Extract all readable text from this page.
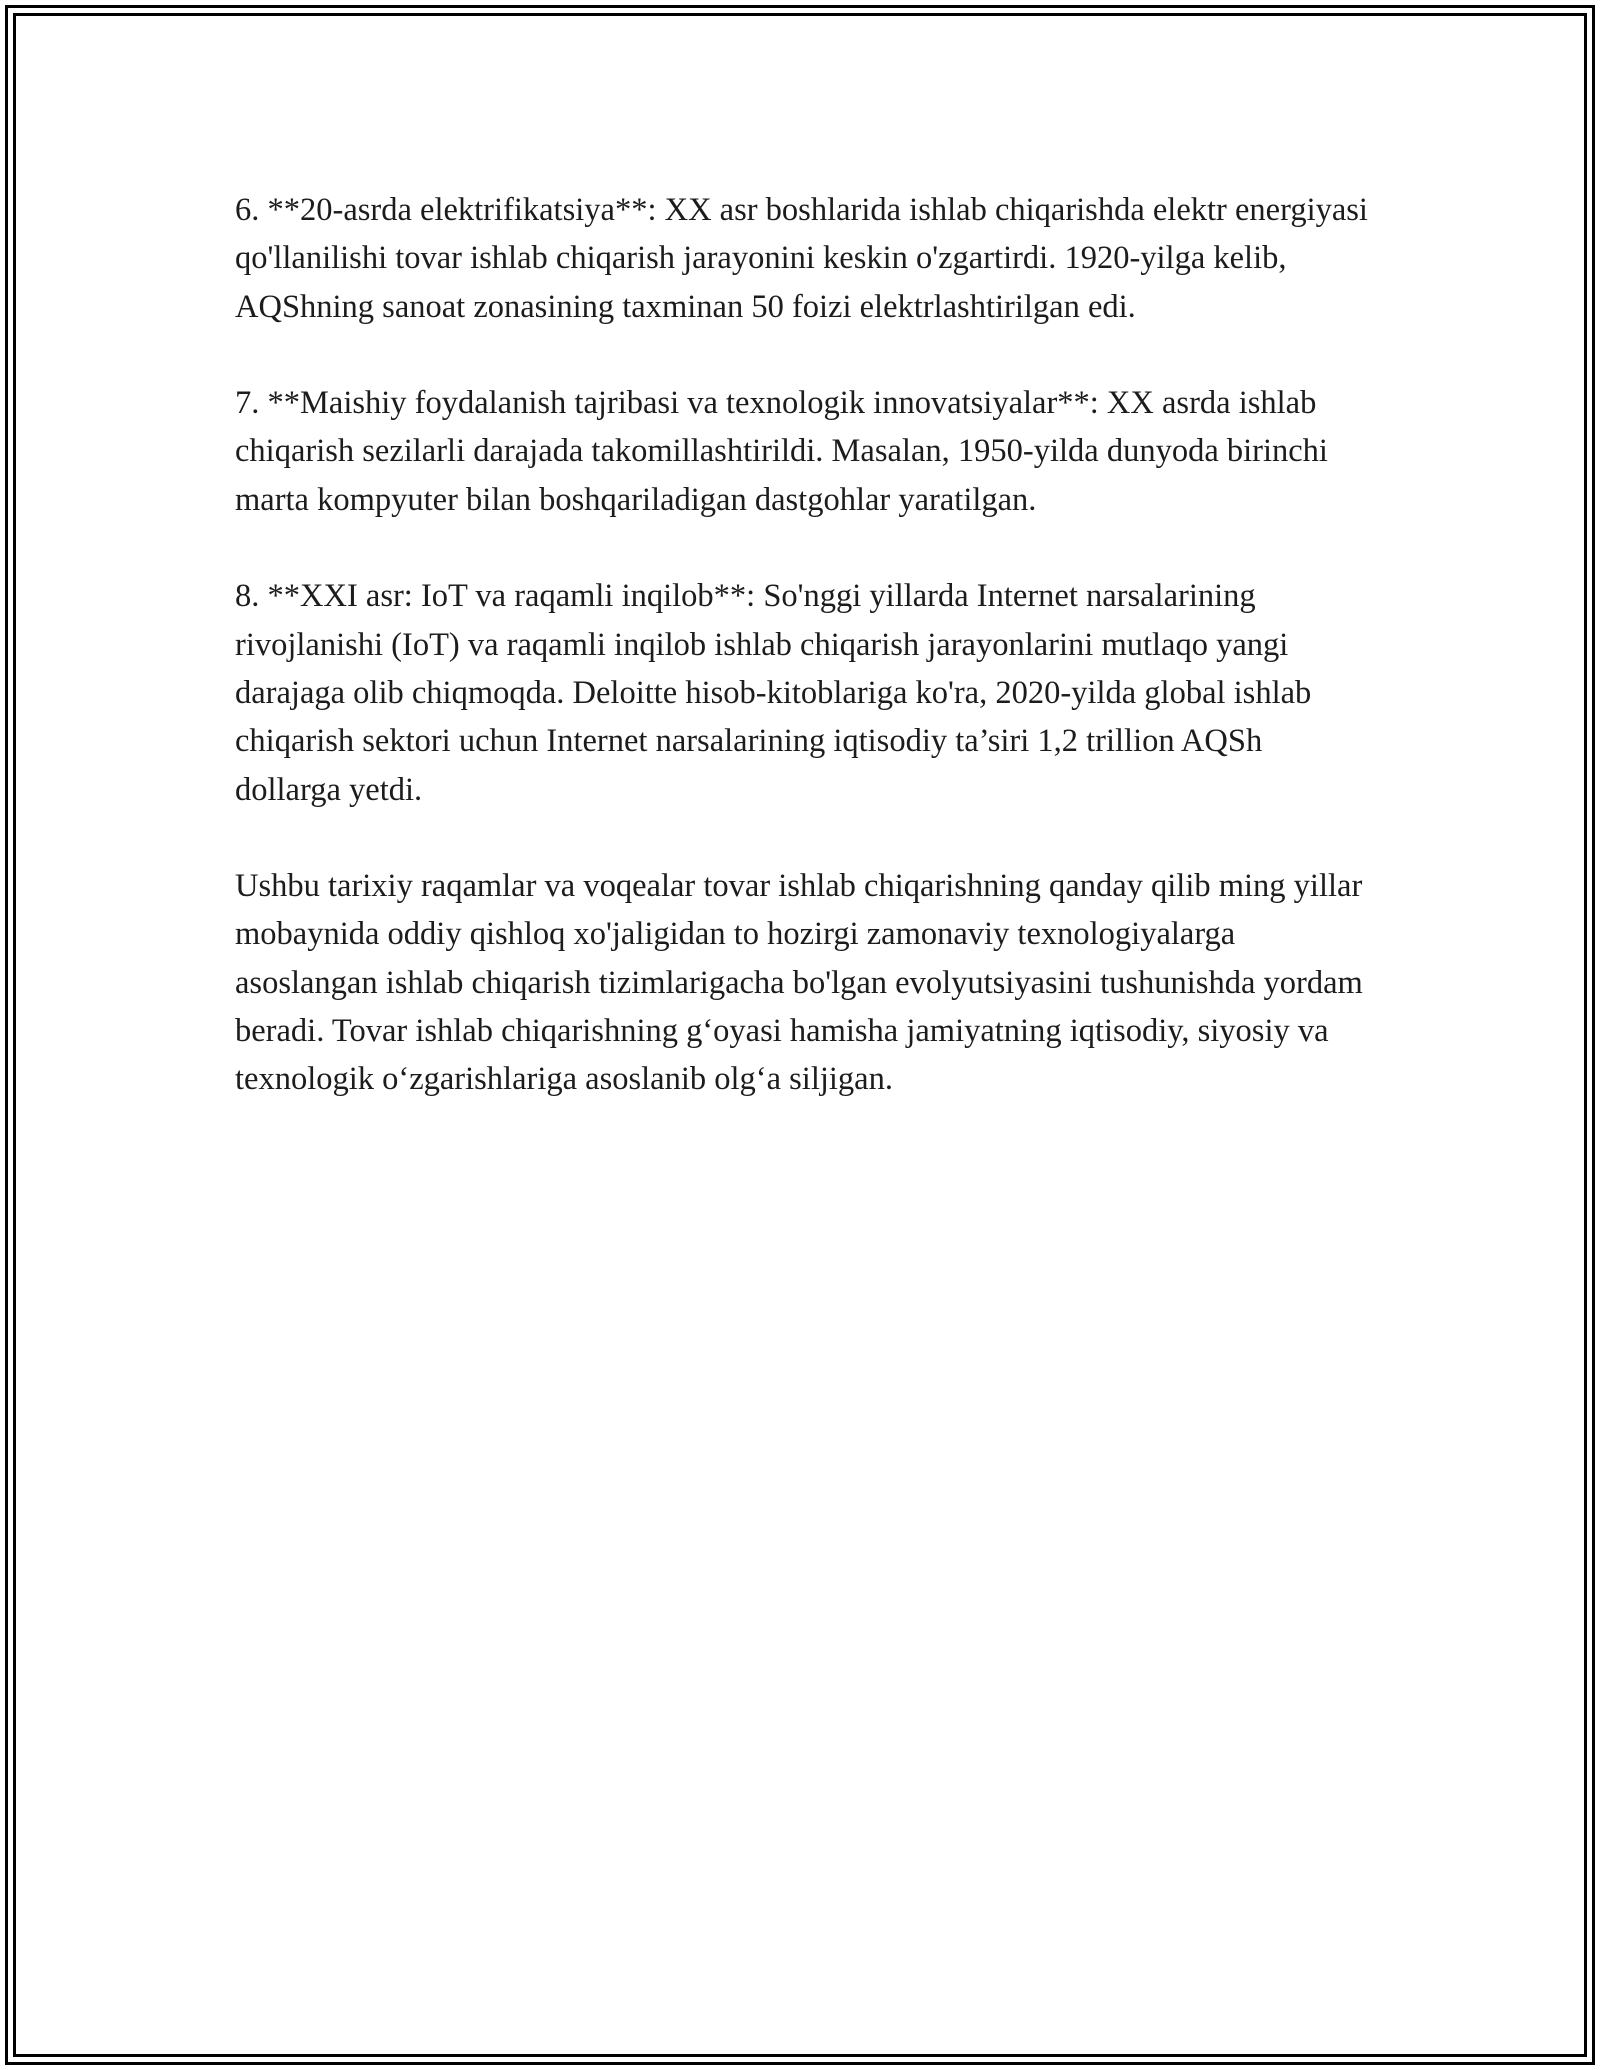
6. **20-asrda elektrifikatsiya**: XX asr boshlarida ishlab chiqarishda elektr energiyasi qo'llanilishi tovar ishlab chiqarish jarayonini keskin o'zgartirdi. 1920-yilga kelib, AQShning sanoat zonasining taxminan 50 foizi elektrlashtirilgan edi.

7. **Maishiy foydalanish tajribasi va texnologik innovatsiyalar**: XX asrda ishlab chiqarish sezilarli darajada takomillashtirildi. Masalan, 1950-yilda dunyoda birinchi marta kompyuter bilan boshqariladigan dastgohlar yaratilgan.

8. **XXI asr: IoT va raqamli inqilob**: So'nggi yillarda Internet narsalarining rivojlanishi (IoT) va raqamli inqilob ishlab chiqarish jarayonlarini mutlaqo yangi darajaga olib chiqmoqda. Deloitte hisob-kitoblariga ko'ra, 2020-yilda global ishlab chiqarish sektori uchun Internet narsalarining iqtisodiy ta’siri 1,2 trillion AQSh dollarga yetdi.

Ushbu tarixiy raqamlar va voqealar tovar ishlab chiqarishning qanday qilib ming yillar mobaynida oddiy qishloq xo'jaligidan to hozirgi zamonaviy texnologiyalarga asoslangan ishlab chiqarish tizimlarigacha bo'lgan evolyutsiyasini tushunishda yordam beradi. Tovar ishlab chiqarishning g‘oyasi hamisha jamiyatning iqtisodiy, siyosiy va texnologik o‘zgarishlariga asoslanib olg‘a siljigan.
